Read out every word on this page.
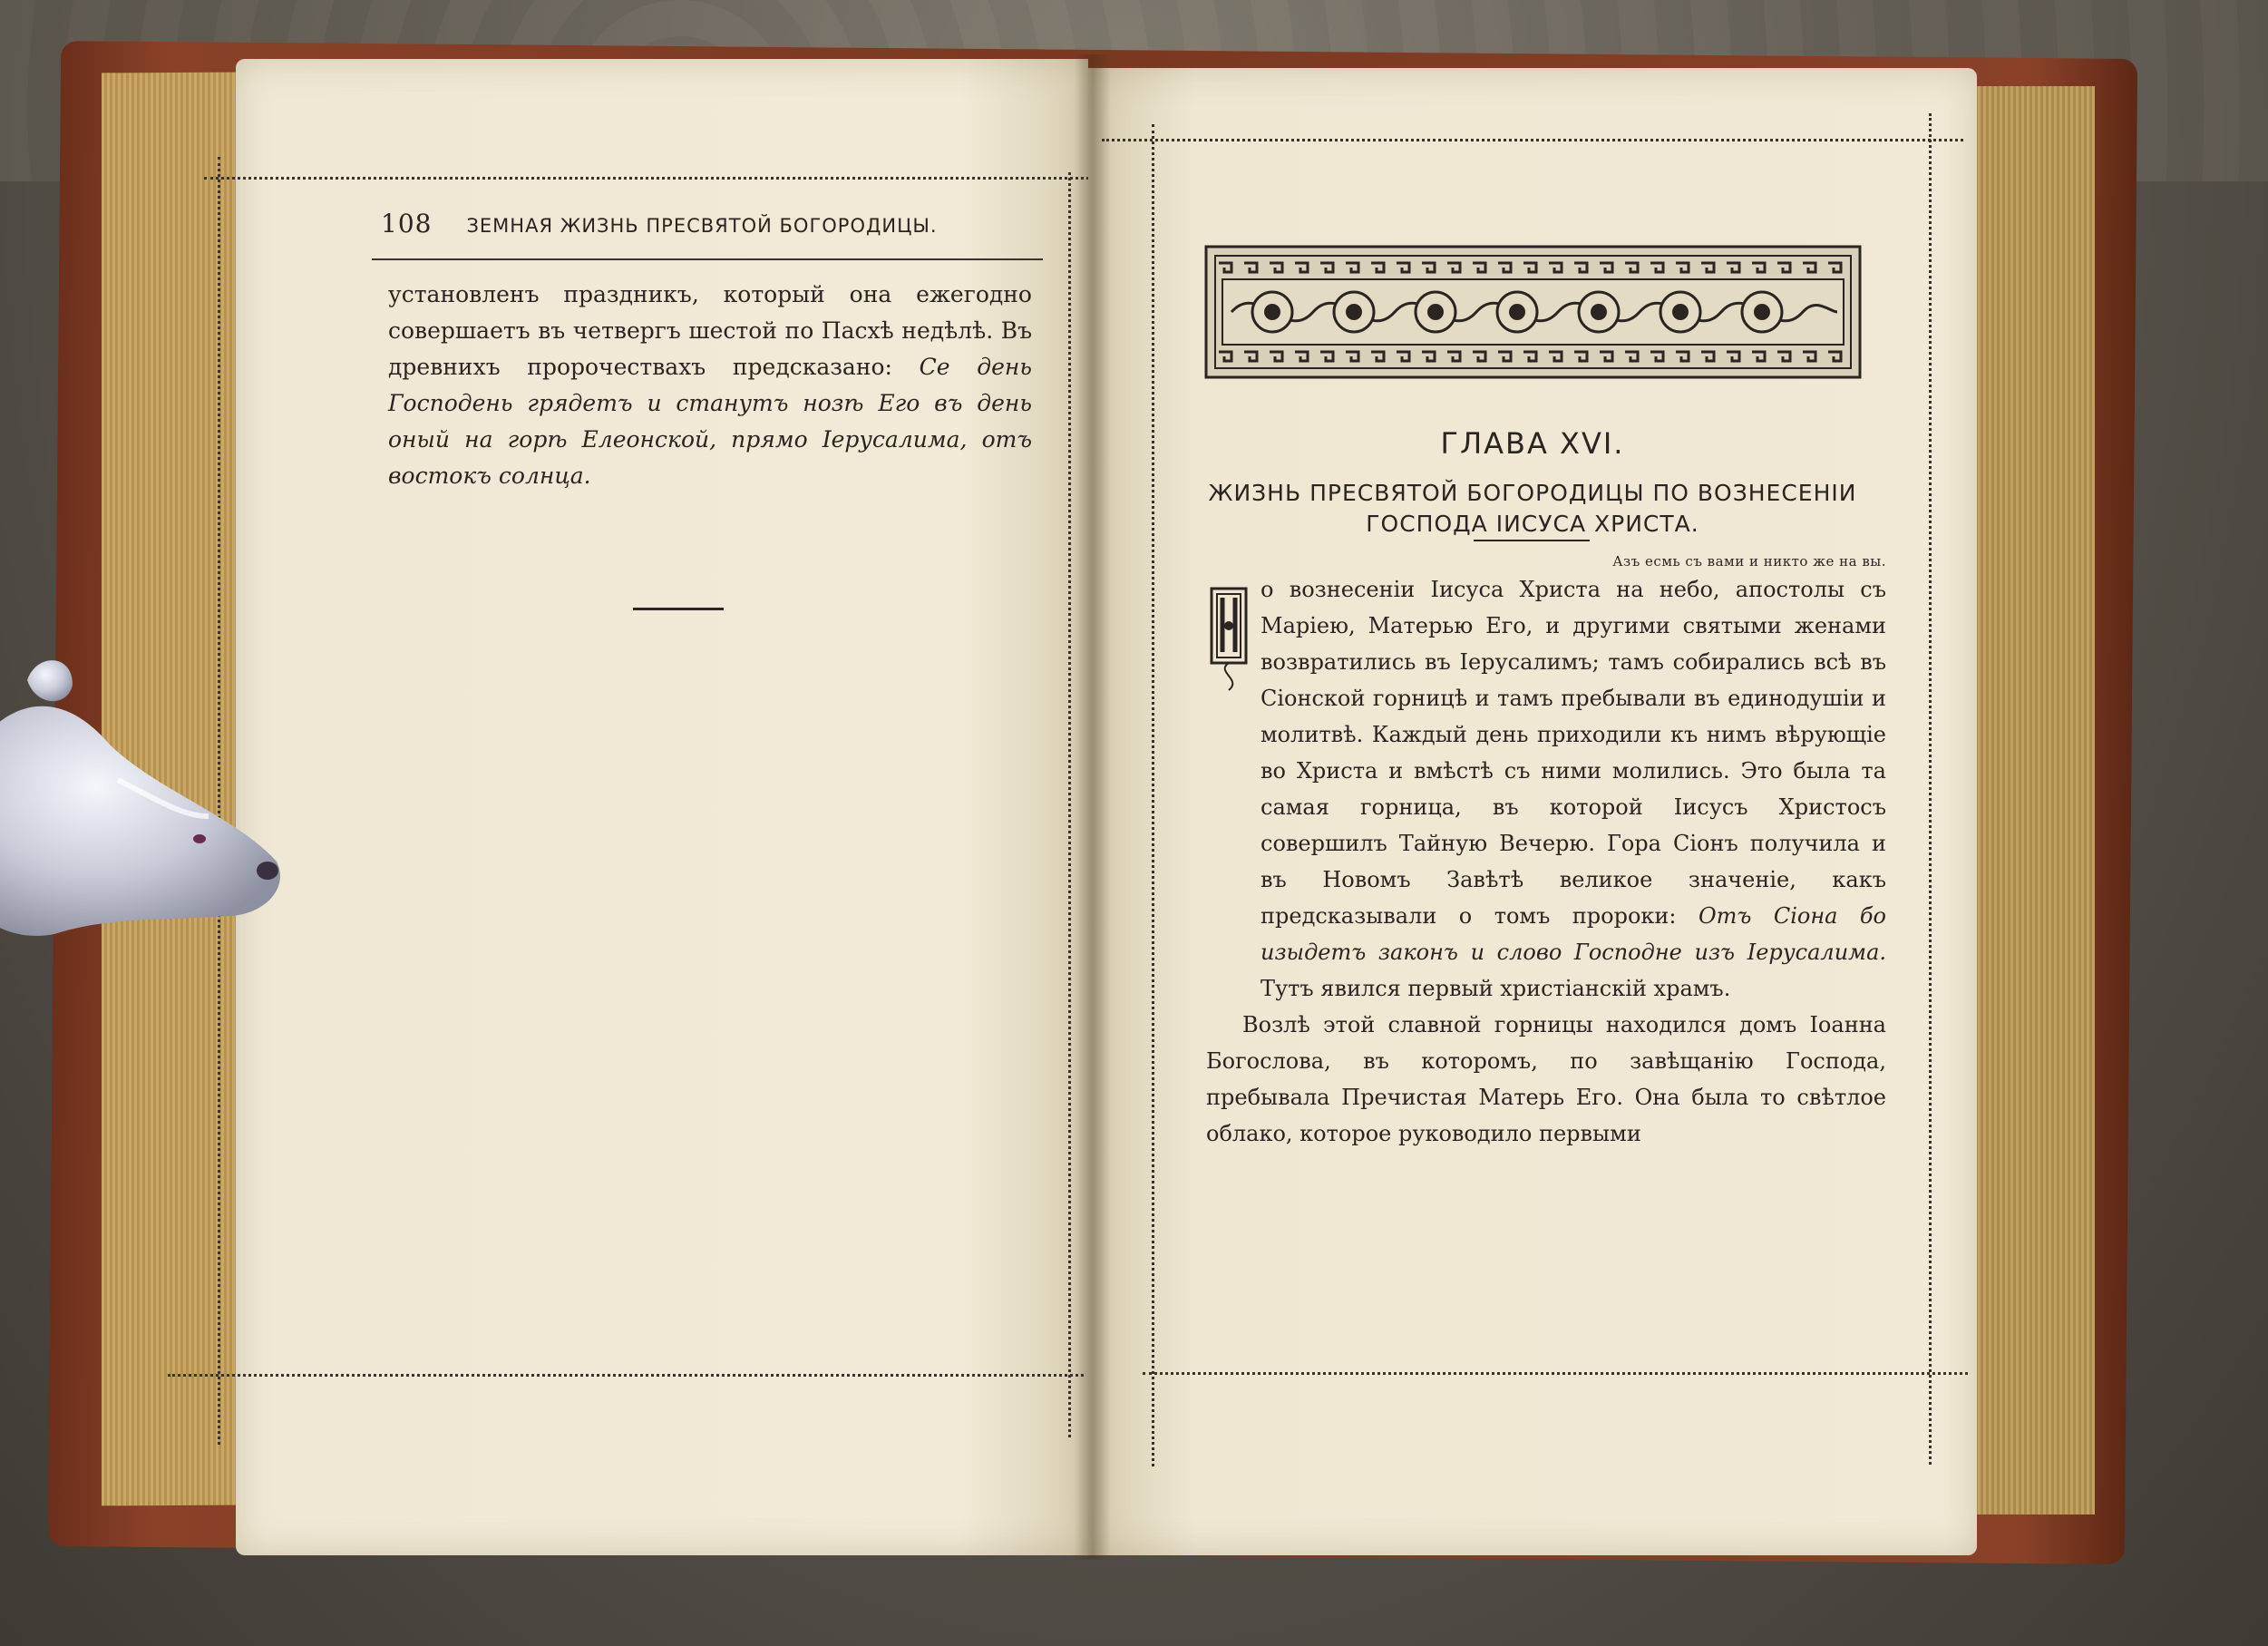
108 ЗЕМНАЯ ЖИЗНЬ ПРЕСВЯТОЙ БОГОРОДИЦЫ.

установленъ праздникъ, который она ежегодно совершаетъ въ четвергъ шестой по Пасхѣ недѣлѣ. Въ древнихъ пророчествахъ предсказано: Се день Господень грядетъ и станутъ нозѣ Его въ день оный на горѣ Елеонской, прямо Iерусалима, отъ востокъ солнца.

ГЛАВА XVI.
ЖИЗНЬ ПРЕСВЯТОЙ БОГОРОДИЦЫ ПО ВОЗНЕСЕНIИ ГОСПОДА IИСУСА ХРИСТА.
Азъ есмь съ вами и никто же на вы.

о вознесенiи Iисуса Христа на небо, апостолы съ Марiею, Матерью Его, и другими святыми женами возвратились въ Iерусалимъ; тамъ собирались всѣ въ Сiонской горницѣ и тамъ пребывали въ единодушiи и молитвѣ. Каждый день приходили къ нимъ вѣрующiе во Христа и вмѣстѣ съ ними молились. Это была та самая горница, въ которой Iисусъ Христосъ совершилъ Тайную Вечерю. Гора Сiонъ получила и въ Новомъ Завѣтѣ великое значенiе, какъ предсказывали о томъ пророки: Отъ Сiона бо изыдетъ законъ и слово Господне изъ Iерусалима. Тутъ явился первый христiанскiй храмъ.

Возлѣ этой славной горницы находился домъ Iоанна Богослова, въ которомъ, по завѣщанiю Господа, пребывала Пречистая Матерь Его. Она была то свѣтлое облако, которое руководило первыми
